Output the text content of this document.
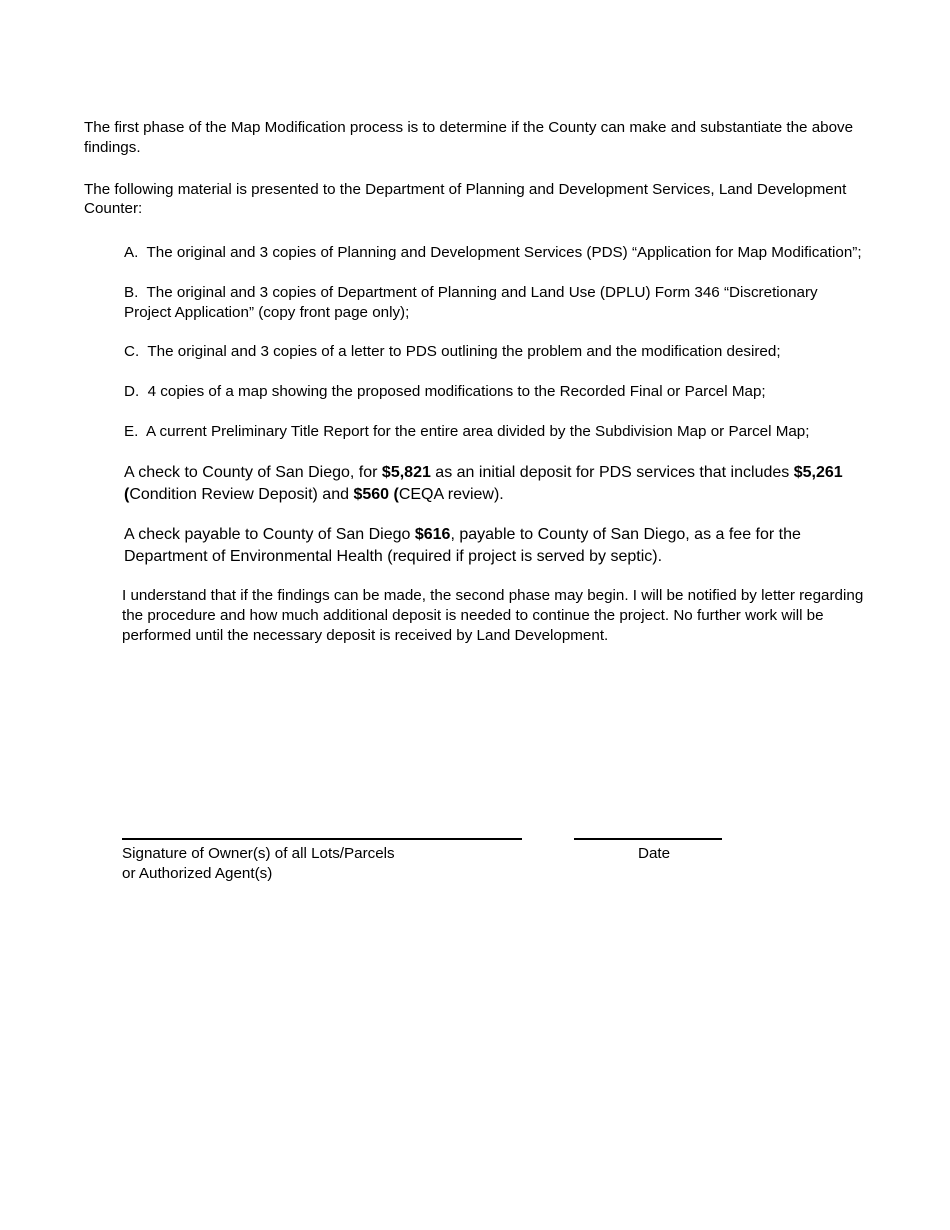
The first phase of the Map Modification process is to determine if the County can make and substantiate the above findings.

The following material is presented to the Department of Planning and Development Services, Land Development Counter:

A. The original and 3 copies of Planning and Development Services (PDS) “Application for Map Modification”;
B. The original and 3 copies of Department of Planning and Land Use (DPLU) Form 346 “Discretionary Project Application” (copy front page only);
C. The original and 3 copies of a letter to PDS outlining the problem and the modification desired;
D. 4 copies of a map showing the proposed modifications to the Recorded Final or Parcel Map;
E. A current Preliminary Title Report for the entire area divided by the Subdivision Map or Parcel Map;

A check to County of San Diego, for $5,821 as an initial deposit for PDS services that includes $5,261 (Condition Review Deposit) and $560 (CEQA review).

A check payable to County of San Diego $616, payable to County of San Diego, as a fee for the Department of Environmental Health (required if project is served by septic).

I understand that if the findings can be made, the second phase may begin. I will be notified by letter regarding the procedure and how much additional deposit is needed to continue the project. No further work will be performed until the necessary deposit is received by Land Development.

Signature of Owner(s) of all Lots/Parcels
or Authorized Agent(s)
Date
